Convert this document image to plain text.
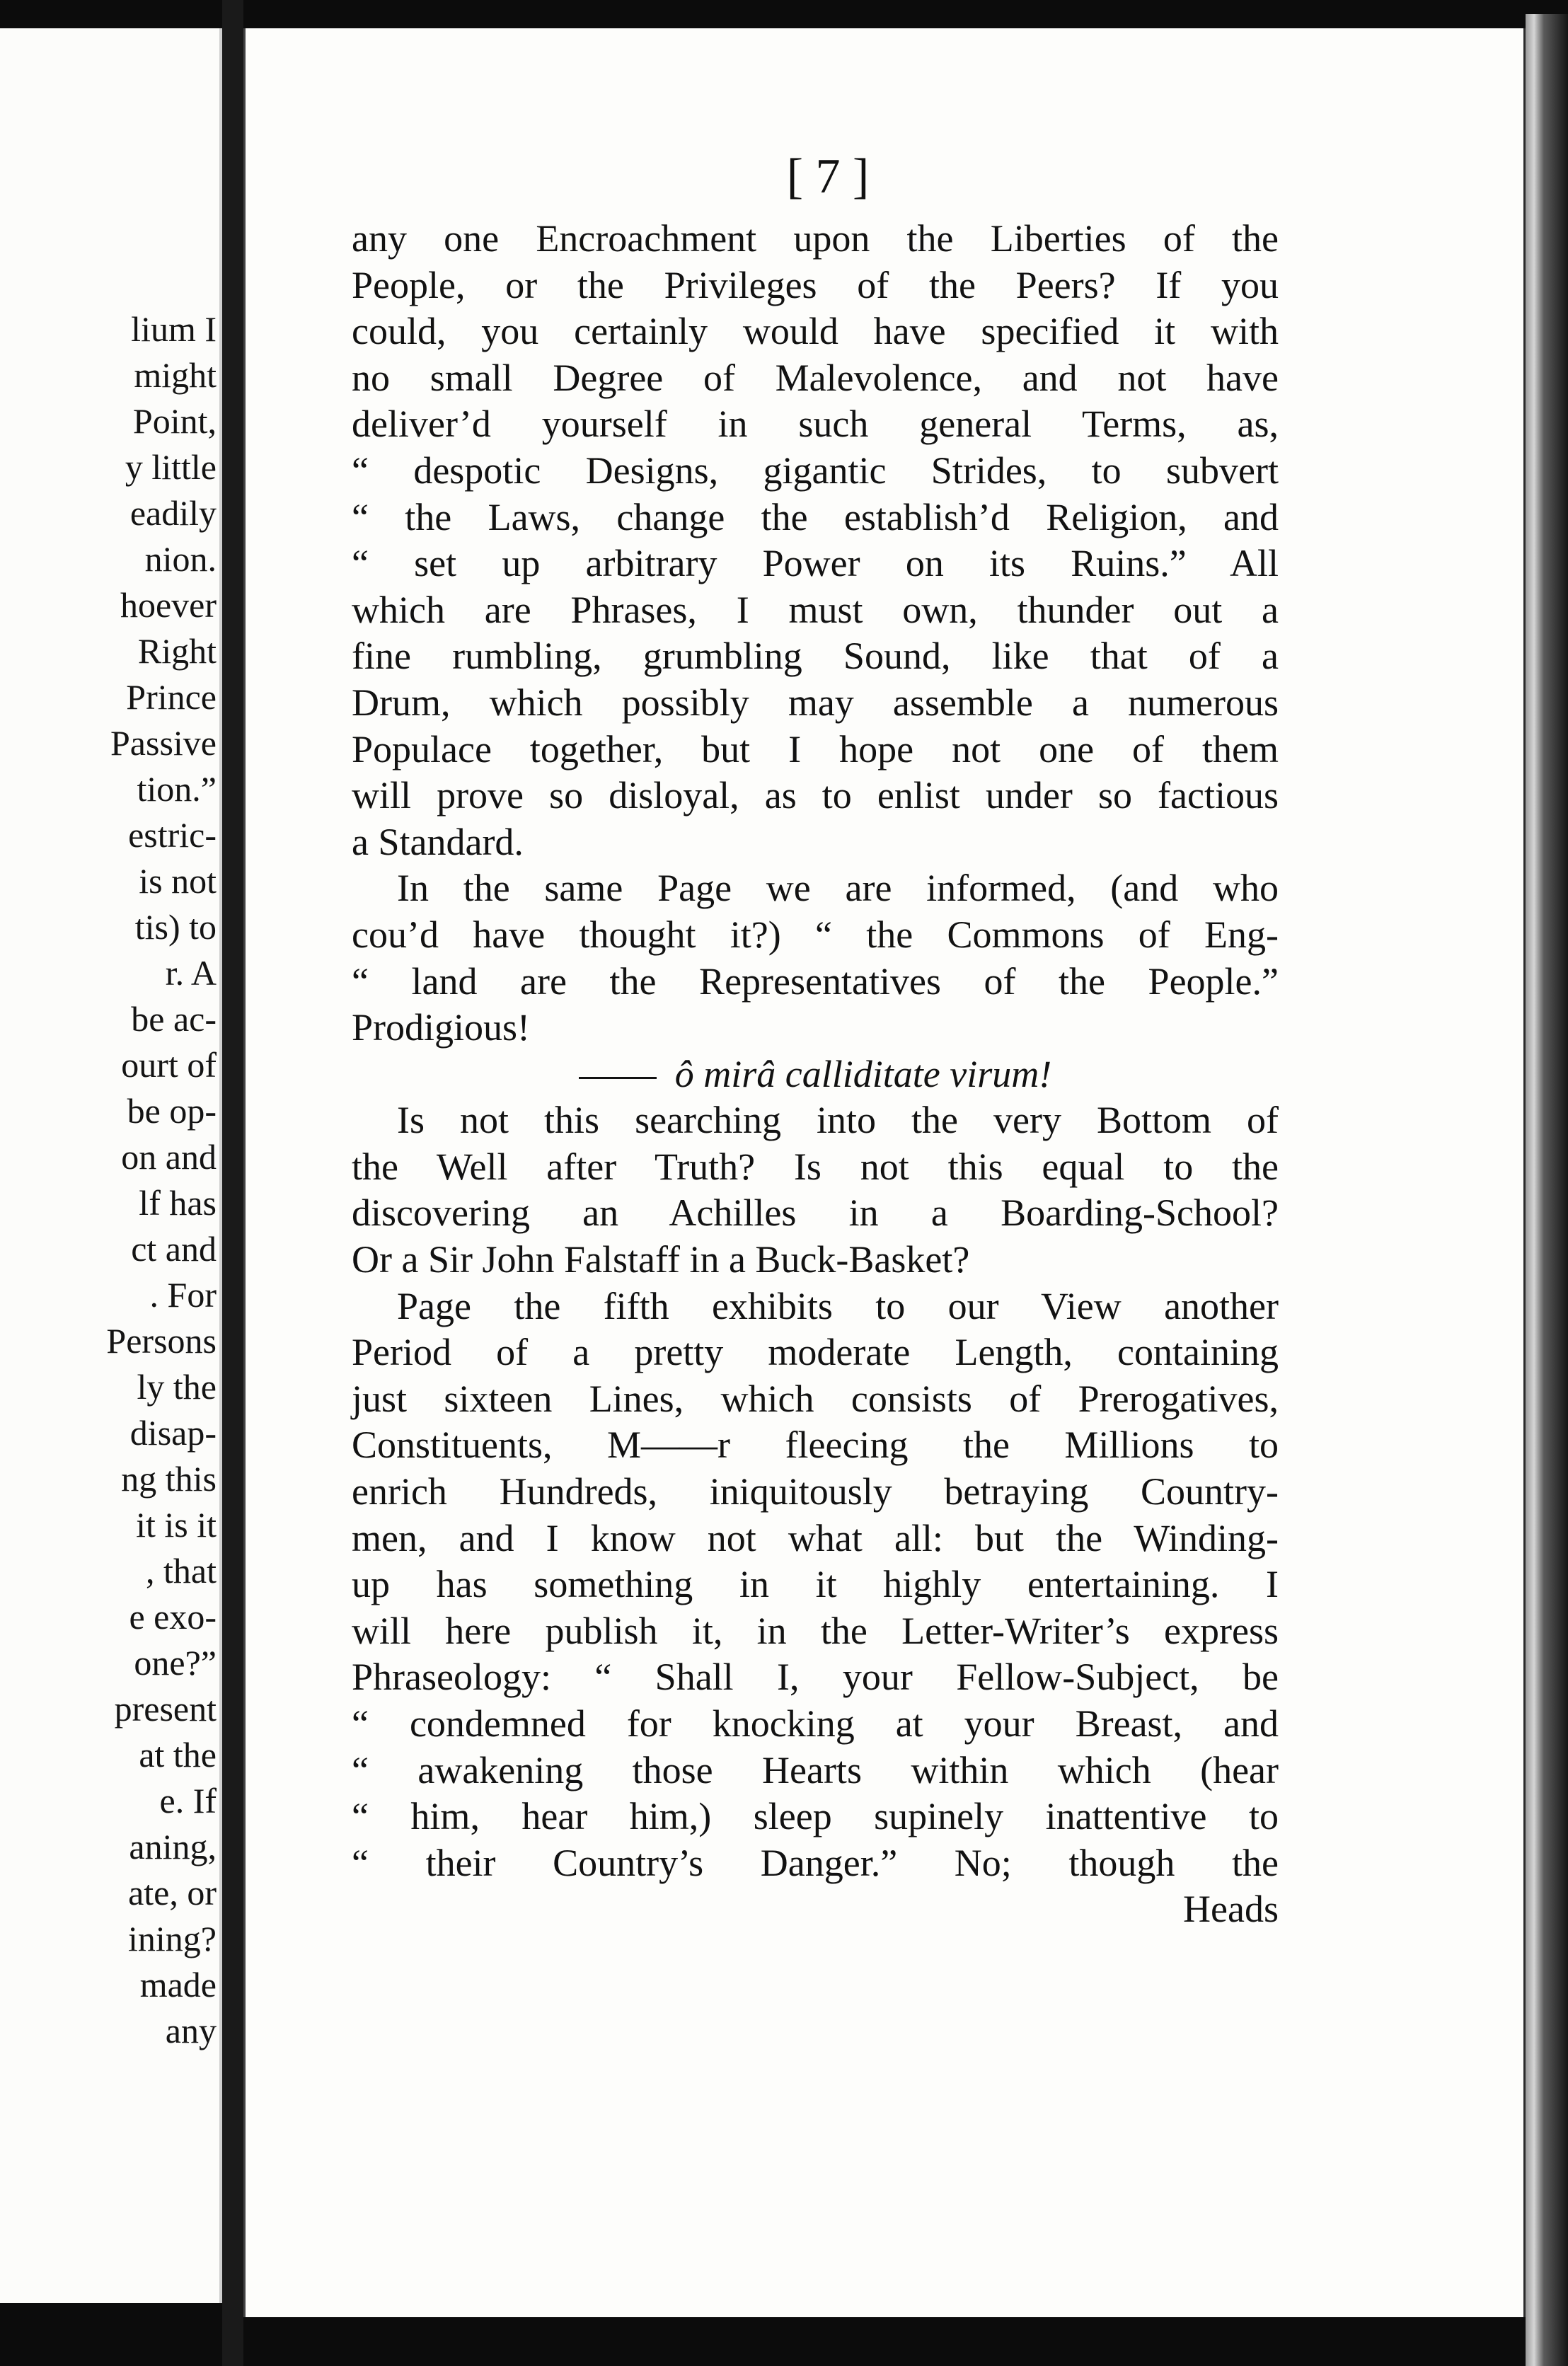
lium I
might
Point,
y little
eadily
nion.
hoever
Right
Prince
Passive
tion.”
estric-
is not
tis) to
r. A
be ac-
ourt of
be op-
on and
lf has
ct and
. For
Persons
ly the
disap-
ng this
it is it
, that
e exo-
one?”
present
at the
e. If
aning,
ate, or
ining?
made
any
[ 7 ]
any one Encroachment upon the Liberties of the
People, or the Privileges of the Peers? If you
could, you certainly would have specified it with
no small Degree of Malevolence, and not have
deliver’d yourself in such general Terms, as,
“ despotic Designs, gigantic Strides, to subvert
“ the Laws, change the establish’d Religion, and
“ set up arbitrary Power on its Ruins.” All
which are Phrases, I must own, thunder out a
fine rumbling, grumbling Sound, like that of a
Drum, which possibly may assemble a numerous
Populace together, but I hope not one of them
will prove so disloyal, as to enlist under so factious
a Standard.
In the same Page we are informed, (and who
cou’d have thought it?) “ the Commons of Eng-
“ land are the Representatives of the People.”
Prodigious!
ô mirâ calliditate virum!
Is not this searching into the very Bottom of
the Well after Truth? Is not this equal to the
discovering an Achilles in a Boarding-School?
Or a Sir John Falstaff in a Buck-Basket?
Page the fifth exhibits to our View another
Period of a pretty moderate Length, containing
just sixteen Lines, which consists of Prerogatives,
Constituents, M——r fleecing the Millions to
enrich Hundreds, iniquitously betraying Country-
men, and I know not what all: but the Winding-
up has something in it highly entertaining. I
will here publish it, in the Letter-Writer’s express
Phraseology: “ Shall I, your Fellow-Subject, be
“ condemned for knocking at your Breast, and
“ awakening those Hearts within which (hear
“ him, hear him,) sleep supinely inattentive to
“ their Country’s Danger.” No; though the
Heads
